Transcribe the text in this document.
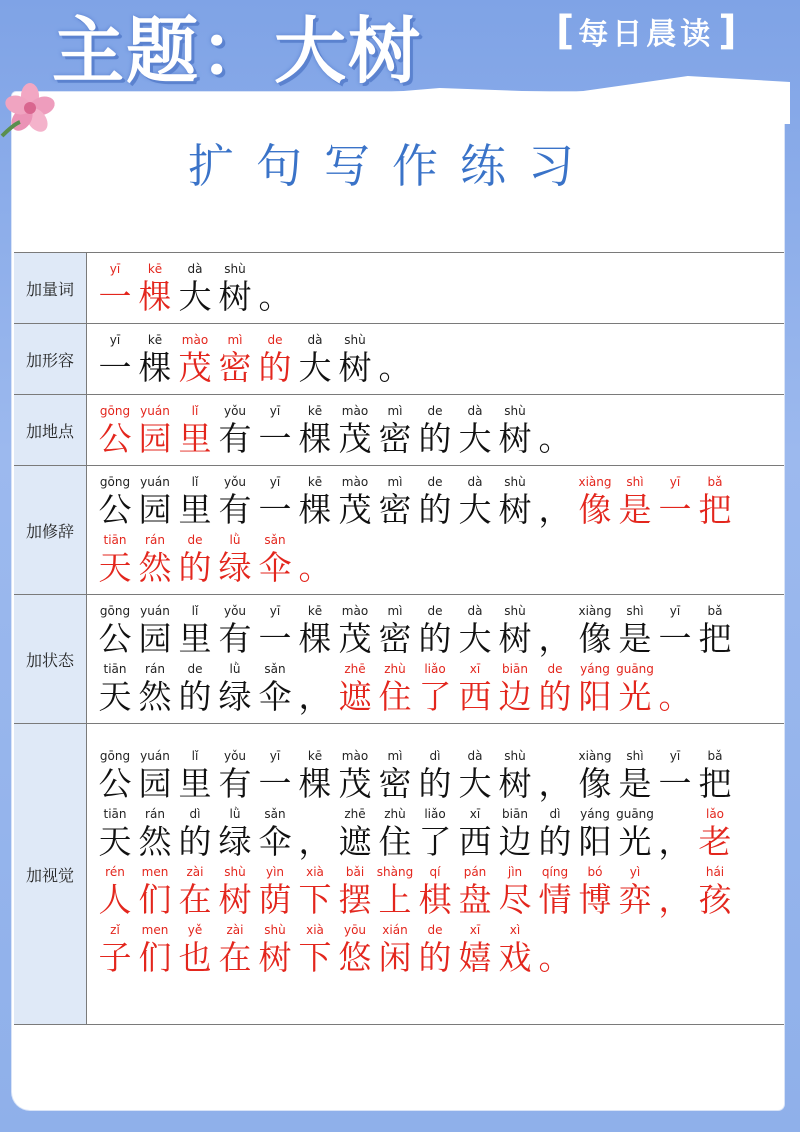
主题：大树	[ 每日晨读 ]
扩句写作练习
加量词
yī
一
kē
棵
dà
大
shù
树 。
加形容
yī
一
kē
棵
mào
茂
mì
密
de
的
dà
大
shù
树 。
加地点
gōng
公
yuán
园
lǐ
里
yǒu
有
yī
一
kē
棵
mào
茂
mì
密
de
的
dà
大
shù
树 。
加修辞
gōng
公
yuán
园
lǐ
里
yǒu
有
yī
一
kē
棵
mào
茂
mì
密
de
的
dà
大
shù
树 ，
xiàng
像
shì
是
yī
一
bǎ
把
tiān
天
rán
然
de
的
lǜ
绿
sǎn
伞 。
加状态
gōng
公
yuán
园
lǐ
里
yǒu
有
yī
一
kē
棵
mào
茂
mì
密
de
的
dà
大
shù
树 ，
xiàng
像
shì
是
yī
一
bǎ
把
tiān
天
rán
然
de
的
lǜ
绿
sǎn
伞 ，
zhē
遮
zhù
住
liǎo
了
xī
西
biān
边
de
的
yáng
阳
guāng
光 。
加视觉
gōng
公
yuán
园
lǐ
里
yǒu
有
yī
一
kē
棵
mào
茂
mì
密
dì
的
dà
大
shù
树 ，
xiàng
像
shì
是
yī
一
bǎ
把
tiān
天
rán
然
dì
的
lǜ
绿
sǎn
伞 ，
zhē
遮
zhù
住
liǎo
了
xī
西
biān
边
dì
的
yáng
阳
guāng
光 ，
lǎo
老
rén
人
men
们
zài
在
shù
树
yìn
荫
xià
下
bǎi
摆
shàng
上
qí
棋
pán
盘
jìn
尽
qíng
情
bó
博
yì
弈 ，
hái
孩
zǐ
子
men
们
yě
也
zài
在
shù
树
xià
下
yōu
悠
xián
闲
de
的
xī
嬉
xì
戏 。
